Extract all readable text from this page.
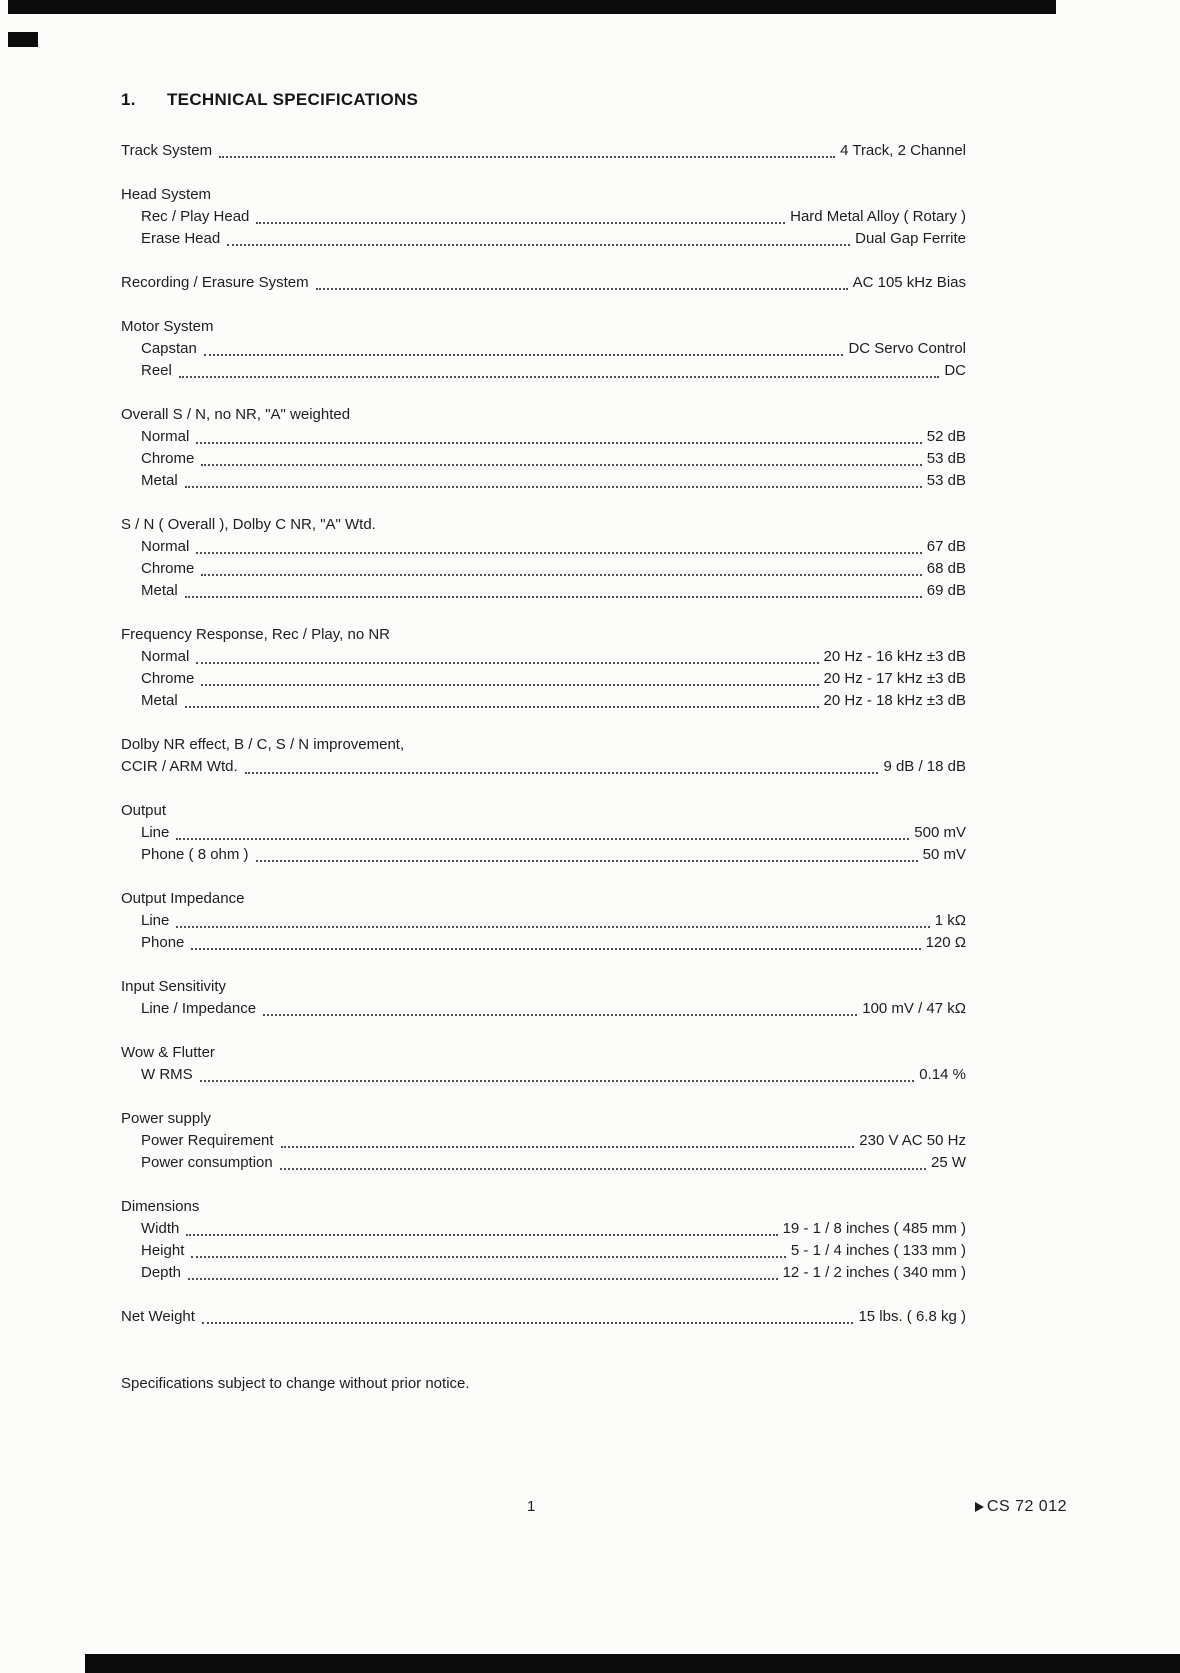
1. TECHNICAL SPECIFICATIONS
Track System	4 Track, 2 Channel
Head System
Rec / Play Head	Hard Metal Alloy ( Rotary )
Erase Head	Dual Gap Ferrite
Recording / Erasure System	AC 105 kHz Bias
Motor System
Capstan	DC Servo Control
Reel	DC
Overall S / N, no NR, "A" weighted
Normal	52 dB
Chrome	53 dB
Metal	53 dB
S / N ( Overall ), Dolby C NR, "A" Wtd.
Normal	67 dB
Chrome	68 dB
Metal	69 dB
Frequency Response, Rec / Play, no NR
Normal	20 Hz - 16 kHz ±3 dB
Chrome	20 Hz - 17 kHz ±3 dB
Metal	20 Hz - 18 kHz ±3 dB
Dolby NR effect, B / C, S / N improvement,
CCIR / ARM Wtd.	9 dB / 18 dB
Output
Line	500 mV
Phone ( 8 ohm )	50 mV
Output Impedance
Line	1 kΩ
Phone	120 Ω
Input Sensitivity
Line / Impedance	100 mV / 47 kΩ
Wow & Flutter
W RMS	0.14 %
Power supply
Power Requirement	230 V AC 50 Hz
Power consumption	25 W
Dimensions
Width	19 - 1 / 8 inches ( 485 mm )
Height	5 - 1 / 4 inches ( 133 mm )
Depth	12 - 1 / 2 inches ( 340 mm )
Net Weight	15 lbs. ( 6.8 kg )
Specifications subject to change without prior notice.
1	CS 72 012
